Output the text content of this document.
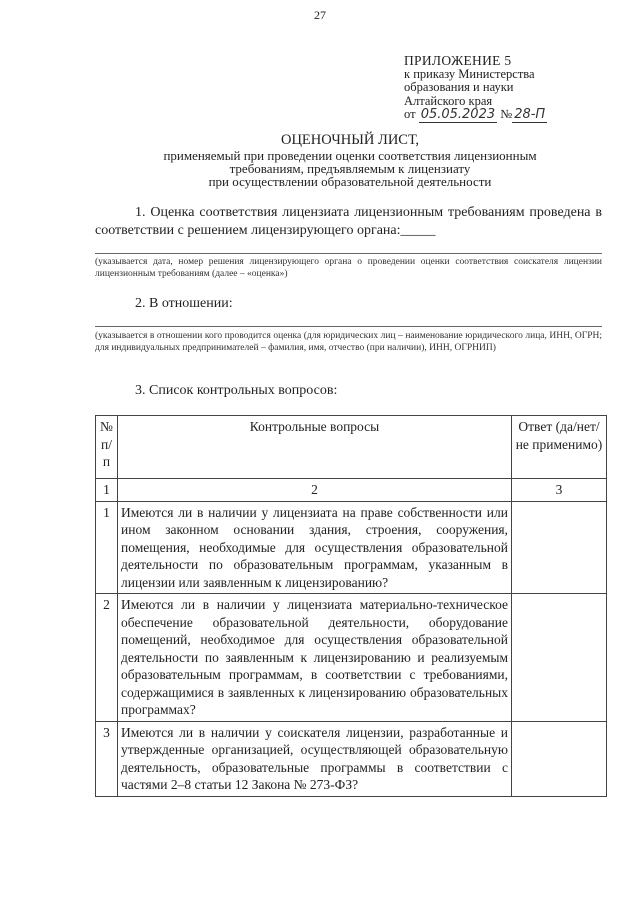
27
ПРИЛОЖЕНИЕ 5
к приказу Министерства
образования и науки
Алтайского края
от 05.05.2023 № 28-П
ОЦЕНОЧНЫЙ ЛИСТ,
применяемый при проведении оценки соответствия лицензионным
требованиям, предъявляемым к лицензиату
при осуществлении образовательной деятельности
1. Оценка соответствия лицензиата лицензионным требованиям проведена в соответствии с решением лицензирующего органа:_____
(указывается дата, номер решения лицензирующего органа о проведении оценки соответствия соискателя лицензии лицензионным требованиям (далее – «оценка»)
2. В отношении:
(указывается в отношении кого проводится оценка (для юридических лиц – наименование юридического лица, ИНН, ОГРН; для индивидуальных предпринимателей – фамилия, имя, отчество (при наличии), ИНН, ОГРНИП)
3. Список контрольных вопросов:
№ п/п	Контрольные вопросы	Ответ (да/нет/не применимо)
1	2	3
1	Имеются ли в наличии у лицензиата на праве собственности или ином законном основании здания, строения, сооружения, помещения, необходимые для осуществления образовательной деятельности по образовательным программам, указанным в лицензии или заявленным к лицензированию?	
2	Имеются ли в наличии у лицензиата материально-техническое обеспечение образовательной деятельности, оборудование помещений, необходимое для осуществления образовательной деятельности по заявленным к лицензированию и реализуемым образовательным программам, в соответствии с требованиями, содержащимися в заявленных к лицензированию образовательных программах?	
3	Имеются ли в наличии у соискателя лицензии, разработанные и утвержденные организацией, осуществляющей образовательную деятельность, образовательные программы в соответствии с частями 2–8 статьи 12 Закона № 273-ФЗ?	
